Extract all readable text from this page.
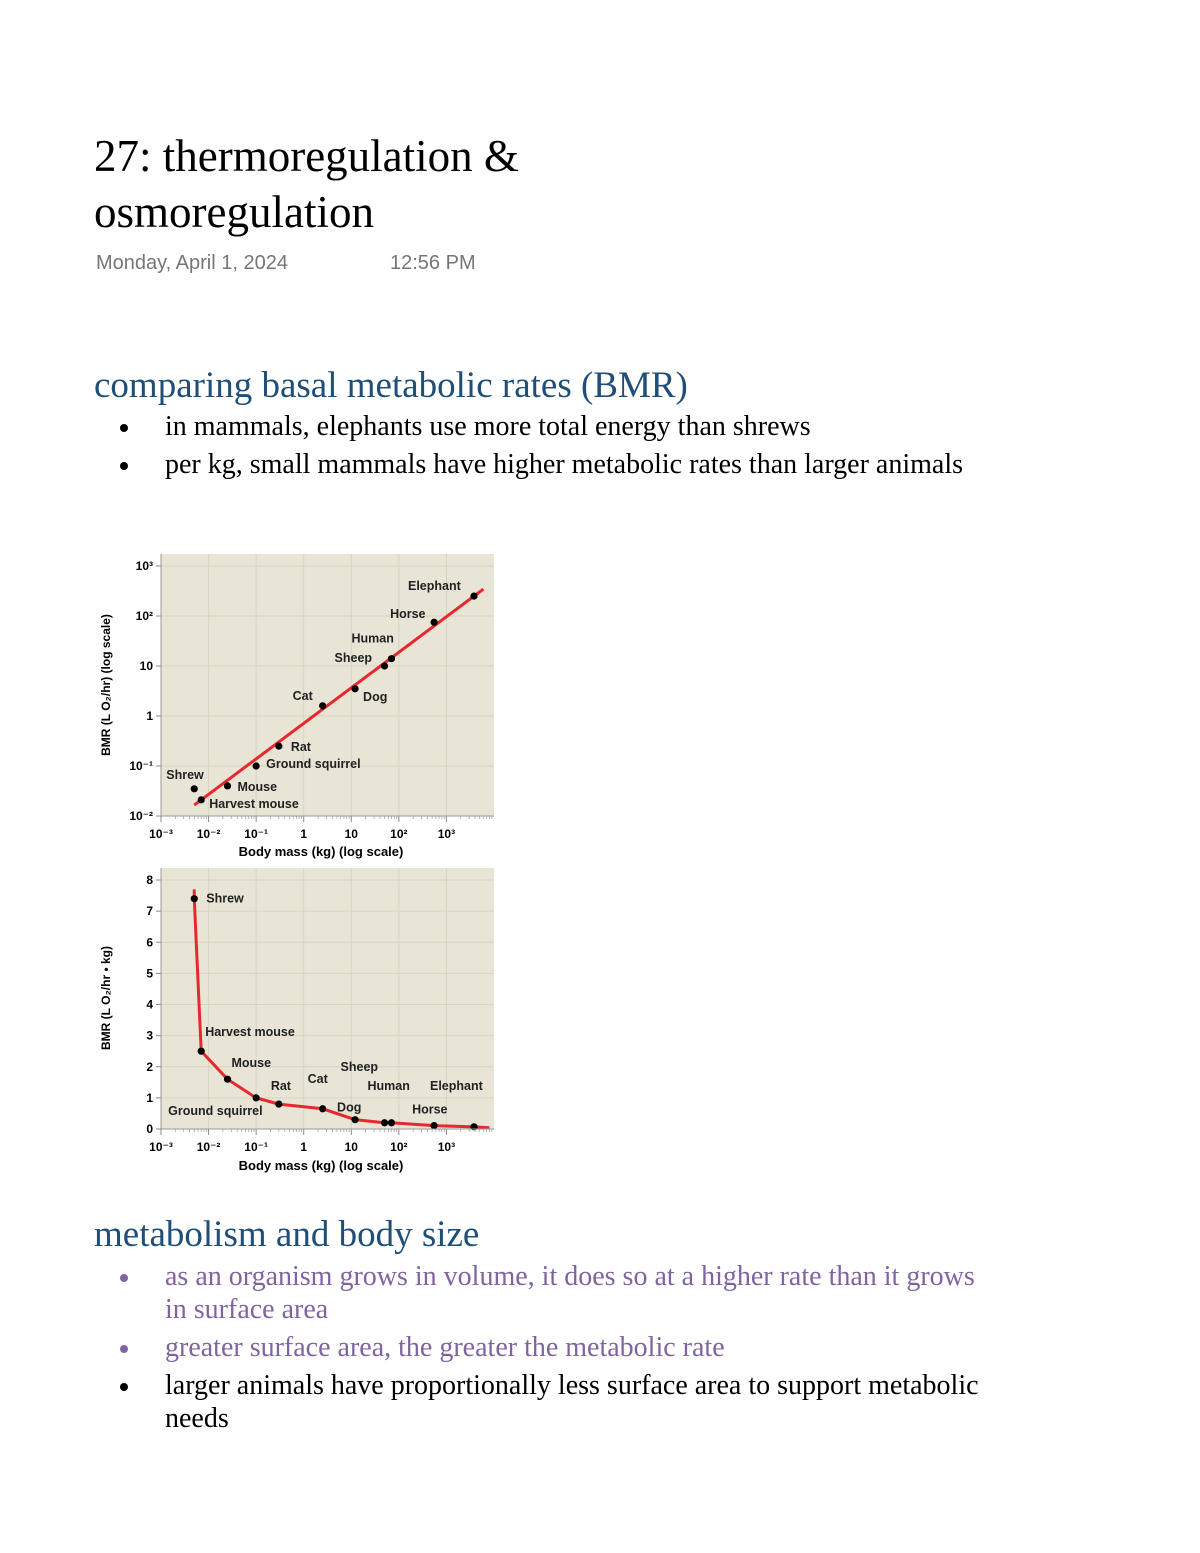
27: thermoregulation & osmoregulation
Monday, April 1, 2024	12:56 PM
comparing basal metabolic rates (BMR)
in mammals, elephants use more total energy than shrews
per kg, small mammals have higher metabolic rates than larger animals
Shrew
Harvest mouse
Mouse
Ground squirrel
Rat
Cat	Dog
Sheep
Human
Horse
Elephant
10⁻³ 10⁻² 10⁻¹	1	10	10²	10³
10⁻²
10⁻¹
1
10
10²
10³
Body mass (kg) (log scale)
BMR (L O₂/hr) (log scale)
Shrew
Harvest mouse
Mouse
Ground squirrel
Rat
Cat
Dog
Sheep
Human
Horse
Elephant
10⁻³ 10⁻² 10⁻¹	1	10	10²	10³
0
1
2
3
4
5
6
7
8
Body mass (kg) (log scale)
BMR (L O₂/hr • kg)
metabolism and body size
as an organism grows in volume, it does so at a higher rate than it grows in surface area
greater surface area, the greater the metabolic rate
larger animals have proportionally less surface area to support metabolic needs
